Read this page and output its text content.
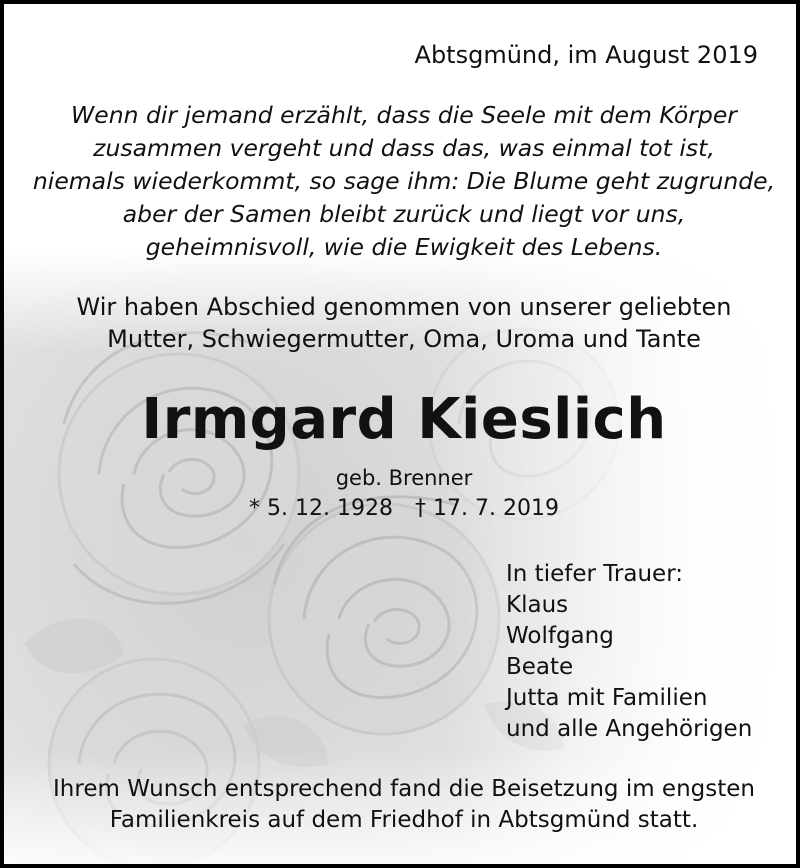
Abtsgmünd, im August 2019
Wenn dir jemand erzählt, dass die Seele mit dem Körper
zusammen vergeht und dass das, was einmal tot ist,
niemals wiederkommt, so sage ihm: Die Blume geht zugrunde,
aber der Samen bleibt zurück und liegt vor uns,
geheimnisvoll, wie die Ewigkeit des Lebens.
Wir haben Abschied genommen von unserer geliebten
Mutter, Schwiegermutter, Oma, Uroma und Tante
Irmgard Kieslich
geb. Brenner
* 5. 12. 1928 † 17. 7. 2019
In tiefer Trauer:
Klaus
Wolfgang
Beate
Jutta mit Familien
und alle Angehörigen
Ihrem Wunsch entsprechend fand die Beisetzung im engsten
Familienkreis auf dem Friedhof in Abtsgmünd statt.
